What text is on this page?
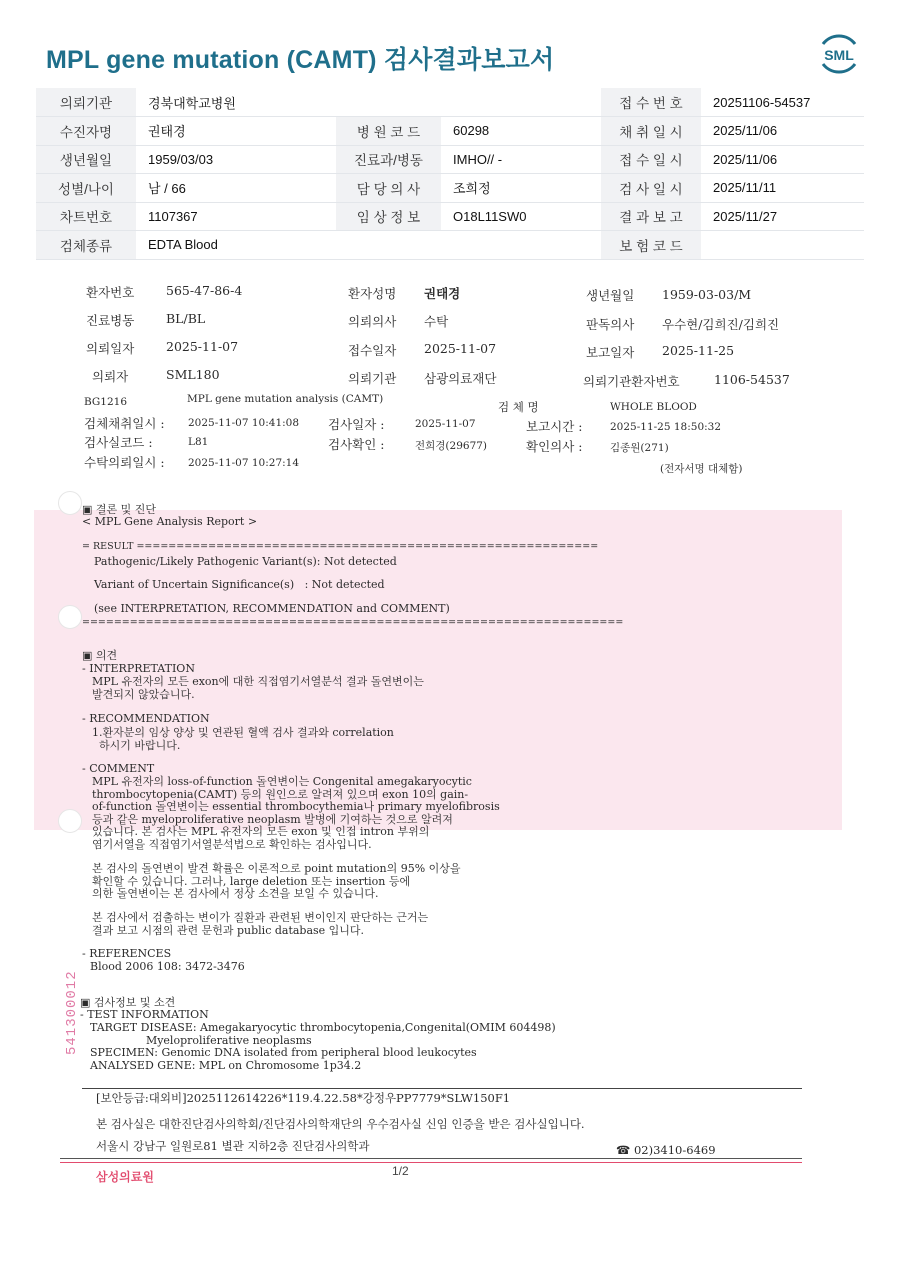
MPL gene mutation (CAMT) 검사결과보고서	SML
의뢰기관	경북대학교병원			접 수 번 호	20251106-54537
수진자명	권태경	병 원 코 드	60298	채 취 일 시	2025/11/06
생년월일	1959/03/03	진료과/병동	IMHO// -	접 수 일 시	2025/11/06
성별/나이	남 / 66	담 당 의 사	조희정	검 사 일 시	2025/11/11
차트번호	1107367	임 상 정 보	O18L11SW0	결 과 보 고	2025/11/27
검체종류	EDTA Blood			보 험 코 드	
환자번호	565-47-86-4	환자성명 권태경	생년월일 1959-03-03/M
진료병동	BL/BL	의뢰의사 수탁	판독의사 우수현/김희진/김희진
의뢰일자	2025-11-07	접수일자 2025-11-07	보고일자 2025-11-25
의뢰자	SML180	의뢰기관 삼광의료재단	의뢰기관환자번호	1106-54537
BG1216	MPL gene mutation analysis (CAMT)
검 체 명	WHOLE BLOOD
검체채취일시 : 2025-11-07 10:41:08 검사일자 :	2025-11-07	보고시간 :	2025-11-25 18:50:32
검사실코드 :	L81	검사확인 :	전희경(29677)	확인의사 :	김종원(271)
수탁의뢰일시 : 2025-11-07 10:27:14	(전자서명 대체함)
▣ 결론 및 진단
< MPL Gene Analysis Report >
= RESULT ==========================================================
Pathogenic/Likely Pathogenic Variant(s): Not detected
Variant of Uncertain Significance(s)   : Not detected
(see INTERPRETATION, RECOMMENDATION and COMMENT)
====================================================================
▣ 의견
- INTERPRETATION
MPL 유전자의 모든 exon에 대한 직접염기서열분석 결과 돌연변이는
발견되지 않았습니다.
- RECOMMENDATION
1.환자분의 임상 양상 및 연관된 혈액 검사 결과와 correlation
하시기 바랍니다.
- COMMENT
MPL 유전자의 loss-of-function 돌연변이는 Congenital amegakaryocytic
thrombocytopenia(CAMT) 등의 원인으로 알려져 있으며 exon 10의 gain-
of-function 돌연변이는 essential thrombocythemia나 primary myelofibrosis
등과 같은 myeloproliferative neoplasm 발병에 기여하는 것으로 알려져
있습니다. 본 검사는 MPL 유전자의 모든 exon 및 인접 intron 부위의
염기서열을 직접염기서열분석법으로 확인하는 검사입니다.
본 검사의 돌연변이 발견 확률은 이론적으로 point mutation의 95% 이상을
확인할 수 있습니다. 그러나, large deletion 또는 insertion 등에
의한 돌연변이는 본 검사에서 정상 소견을 보일 수 있습니다.
본 검사에서 검출하는 변이가 질환과 관련된 변이인지 판단하는 근거는
결과 보고 시점의 관련 문헌과 public database 입니다.
- REFERENCES
Blood 2006 108: 3472-3476
▣ 검사정보 및 소견
- TEST INFORMATION
TARGET DISEASE: Amegakaryocytic thrombocytopenia,Congenital(OMIM 604498)
Myeloproliferative neoplasms
SPECIMEN: Genomic DNA isolated from peripheral blood leukocytes
ANALYSED GENE: MPL on Chromosome 1p34.2
541300012
[보안등급:대외비]2025112614226*119.4.22.58*강정우PP7779*SLW150F1
본 검사실은 대한진단검사의학회/진단검사의학재단의 우수검사실 신임 인증을 받은 검사실입니다.
서울시 강남구 일원로81 별관 지하2층 진단검사의학과	☎ 02)3410-6469
삼성의료원	1/2
